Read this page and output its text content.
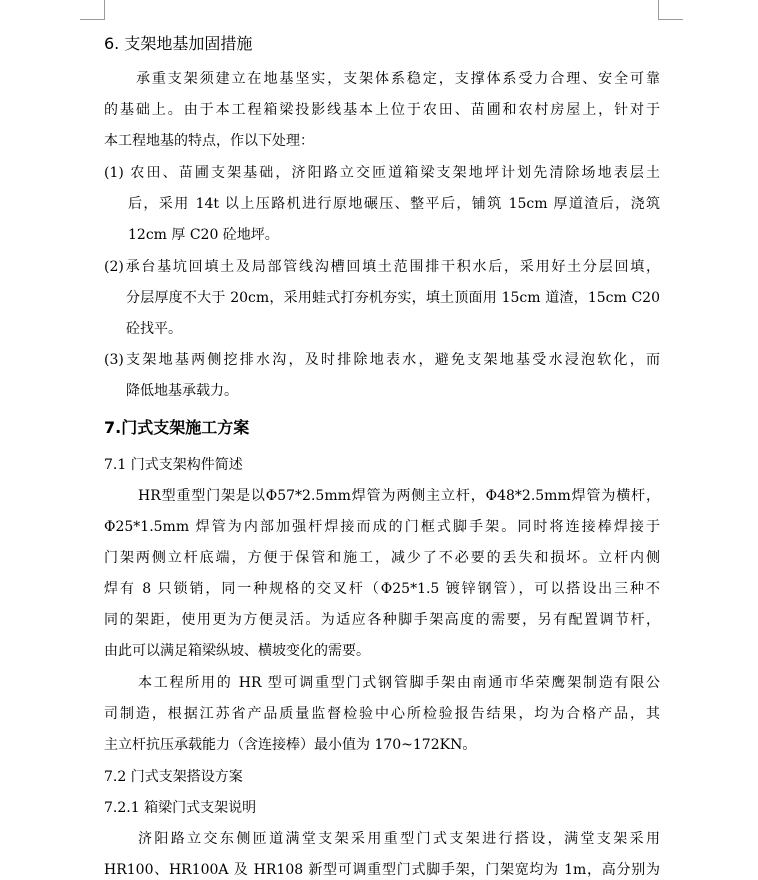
6. 支架地基加固措施
承重支架须建立在地基坚实，支架体系稳定，支撑体系受力合理、安全可靠
的基础上。由于本工程箱梁投影线基本上位于农田、苗圃和农村房屋上，针对于
本工程地基的特点，作以下处理：
(1) 农田、苗圃支架基础，济阳路立交匝道箱梁支架地坪计划先清除场地表层土
后，采用 14t 以上压路机进行原地碾压、整平后，铺筑 15cm 厚道渣后，浇筑
12cm 厚 C20 砼地坪。
(2)承台基坑回填土及局部管线沟槽回填土范围排干积水后，采用好土分层回填，
分层厚度不大于 20cm，采用蛙式打夯机夯实，填土顶面用 15cm 道渣，15cm C20
砼找平。
(3)支架地基两侧挖排水沟，及时排除地表水，避免支架地基受水浸泡软化，而
降低地基承载力。
7.门式支架施工方案
7.1 门式支架构件简述
HR型重型门架是以Φ57*2.5mm焊管为两侧主立杆，Φ48*2.5mm焊管为横杆，
Φ25*1.5mm 焊管为内部加强杆焊接而成的门框式脚手架。同时将连接棒焊接于
门架两侧立杆底端，方便于保管和施工，减少了不必要的丢失和损坏。立杆内侧
焊有 8 只锁销，同一种规格的交叉杆（Φ25*1.5 镀锌钢管），可以搭设出三种不
同的架距，使用更为方便灵活。为适应各种脚手架高度的需要，另有配置调节杆，
由此可以满足箱梁纵坡、横坡变化的需要。
本工程所用的 HR 型可调重型门式钢管脚手架由南通市华荣鹰架制造有限公
司制造，根据江苏省产品质量监督检验中心所检验报告结果，均为合格产品，其
主立杆抗压承载能力（含连接棒）最小值为 170~172KN。
7.2 门式支架搭设方案
7.2.1 箱梁门式支架说明
济阳路立交东侧匝道满堂支架采用重型门式支架进行搭设，满堂支架采用
HR100、HR100A 及 HR108 新型可调重型门式脚手架，门架宽均为 1m，高分别为
